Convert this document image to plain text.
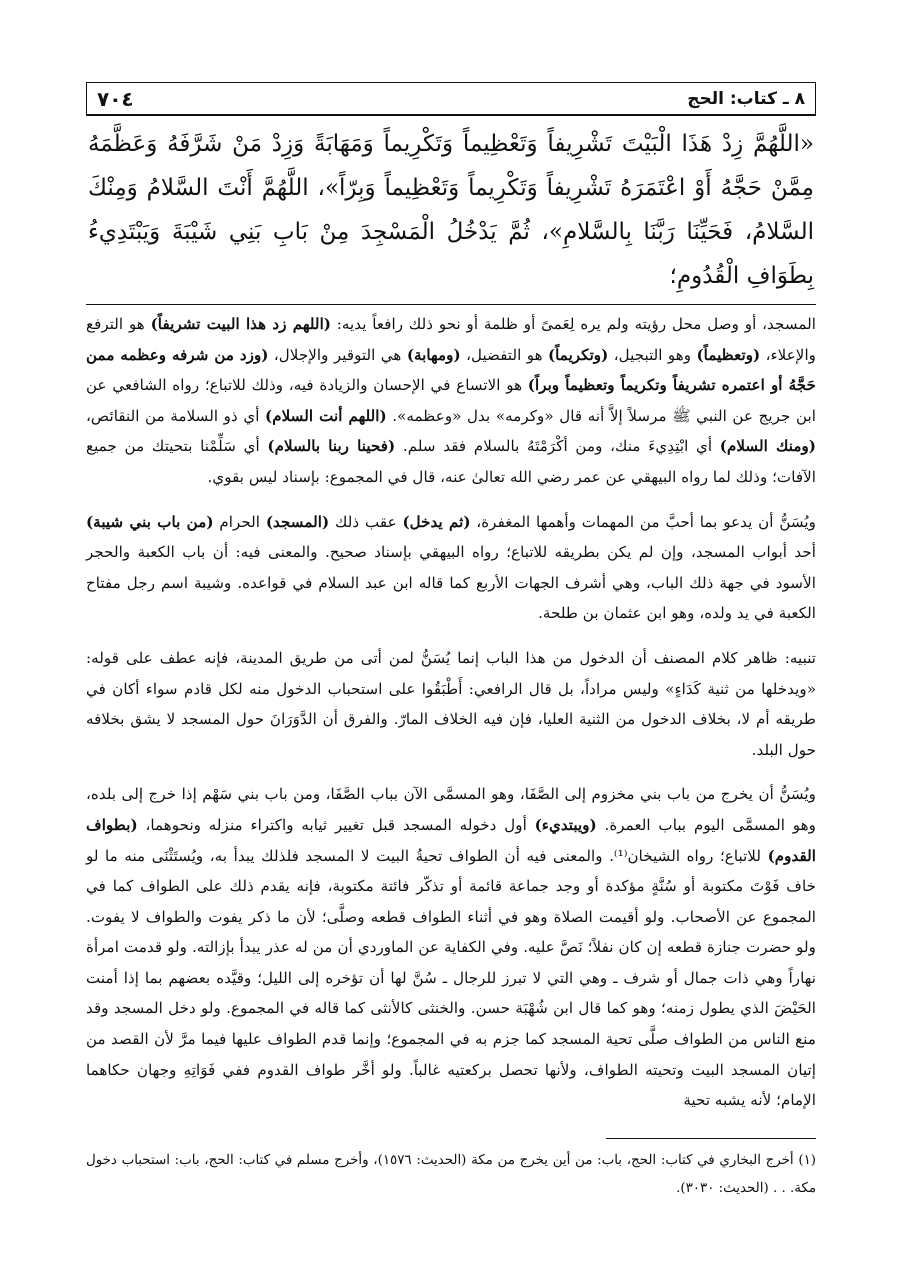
٨ ـ كتاب: الحج
٧٠٤
«اللَّهُمَّ زِدْ هَذَا الْبَيْتَ تَشْرِيفاً وَتَعْظِيماً وَتَكْرِيماً وَمَهَابَةً وَزِدْ مَنْ شَرَّفَهُ وَعَظَّمَهُ مِمَّنْ حَجَّهُ أَوْ اعْتَمَرَهُ تَشْرِيفاً وَتَكْرِيماً وَتَعْظِيماً وَبِرّاً»، اللَّهُمَّ أَنْتَ السَّلامُ وَمِنْكَ السَّلامُ، فَحَيِّنَا رَبَّنَا بِالسَّلامِ»، ثُمَّ يَدْخُلُ الْمَسْجِدَ مِنْ بَابِ بَنِي شَيْبَةَ وَيَبْتَدِيءُ بِطَوَافِ الْقُدُومِ؛

المسجد، أو وصل محل رؤيته ولم يره لِعَمىً أو ظلمة أو نحو ذلك رافعاً يديه: (اللهم زد هذا البيت تشريفاً) هو الترفع والإعلاء، (وتعظيماً) وهو التبجيل، (وتكريماً) هو التفضيل، (ومهابة) هي التوقير والإجلال، (وزد من شرفه وعظمه ممن حَجَّهُ أو اعتمره تشريفاً وتكريماً وتعظيماً وبراً) هو الاتساع في الإحسان والزيادة فيه، وذلك للاتباع؛ رواه الشافعي عن ابن جريج عن النبي ﷺ مرسلاً إلاَّ أنه قال «وكرمه» بدل «وعظمه». (اللهم أنت السلام) أي ذو السلامة من النقائص، (ومنك السلام) أي ابْتِدِيءَ منك، ومن أكْرَمْتَهُ بالسلام فقد سلم. (فحينا ربنا بالسلام) أي سَلِّمْنا بتحيتك من جميع الآفات؛ وذلك لما رواه البيهقي عن عمر رضي الله تعالىٰ عنه، قال في المجموع: بإسناد ليس بقوي.

ويُسَنُّ أن يدعو بما أحبَّ من المهمات وأهمها المغفرة، (ثم يدخل) عقب ذلك (المسجد) الحرام (من باب بني شيبة) أحد أبواب المسجد، وإن لم يكن بطريقه للاتباع؛ رواه البيهقي بإسناد صحيح. والمعنى فيه: أن باب الكعبة والحجر الأسود في جهة ذلك الباب، وهي أشرف الجهات الأربع كما قاله ابن عبد السلام في قواعده. وشيبة اسم رجل مفتاح الكعبة في يد ولده، وهو ابن عثمان بن طلحة.

تنبيه: ظاهر كلام المصنف أن الدخول من هذا الباب إنما يُسَنُّ لمن أتى من طريق المدينة، فإنه عطف على قوله: «ويدخلها من ثنية كَدَاءٍ» وليس مراداً، بل قال الرافعي: أَطْبَقُوا على استحباب الدخول منه لكل قادم سواء أكان في طريقه أم لا، بخلاف الدخول من الثنية العليا، فإن فيه الخلاف المارّ. والفرق أن الدَّوَرَانَ حول المسجد لا يشق بخلافه حول البلد.

ويُسَنُّ أن يخرج من باب بني مخزوم إلى الصَّفَا، وهو المسمَّى الآن بباب الصَّفَا، ومن باب بني سَهْم إذا خرج إلى بلده، وهو المسمَّى اليوم بباب العمرة. (ويبتديء) أول دخوله المسجد قبل تغيير ثيابه واكتراء منزله ونحوهما، (بطواف القدوم) للاتباع؛ رواه الشيخان⁽¹⁾. والمعنى فيه أن الطواف تحيةُ البيت لا المسجد فلذلك يبدأ به، ويُستَثْنَى منه ما لو خاف فَوْتَ مكتوبة أو سُنَّةٍ مؤكدة أو وجد جماعة قائمة أو تذكّر فائتة مكتوبة، فإنه يقدم ذلك على الطواف كما في المجموع عن الأصحاب. ولو أقيمت الصلاة وهو في أثناء الطواف قطعه وصلَّى؛ لأن ما ذكر يفوت والطواف لا يفوت. ولو حضرت جنازة قطعه إن كان نفلاً؛ نَصَّ عليه. وفي الكفاية عن الماوردي أن من له عذر يبدأ بإزالته. ولو قدمت امرأة نهاراً وهي ذات جمال أو شرف ـ وهي التي لا تبرز للرجال ـ سُنَّ لها أن تؤخره إلى الليل؛ وقيَّده بعضهم بما إذا أمنت الحَيْضَ الذي يطول زمنه؛ وهو كما قال ابن شُهْبَة حسن. والخنثى كالأنثى كما قاله في المجموع. ولو دخل المسجد وقد منع الناس من الطواف صلَّى تحية المسجد كما جزم به في المجموع؛ وإنما قدم الطواف عليها فيما مرَّ لأن القصد من إتيان المسجد البيت وتحيته الطواف، ولأنها تحصل بركعتيه غالباً. ولو أخَّر طواف القدوم ففي فَوَاتِهِ وجهان حكاهما الإمام؛ لأنه يشبه تحية

(١) أخرج البخاري في كتاب: الحج، باب: من أين يخرج من مكة (الحديث: ١٥٧٦)، وأخرج مسلم في كتاب: الحج، باب: استحباب دخول مكة. . . (الحديث: ٣٠٣٠).
